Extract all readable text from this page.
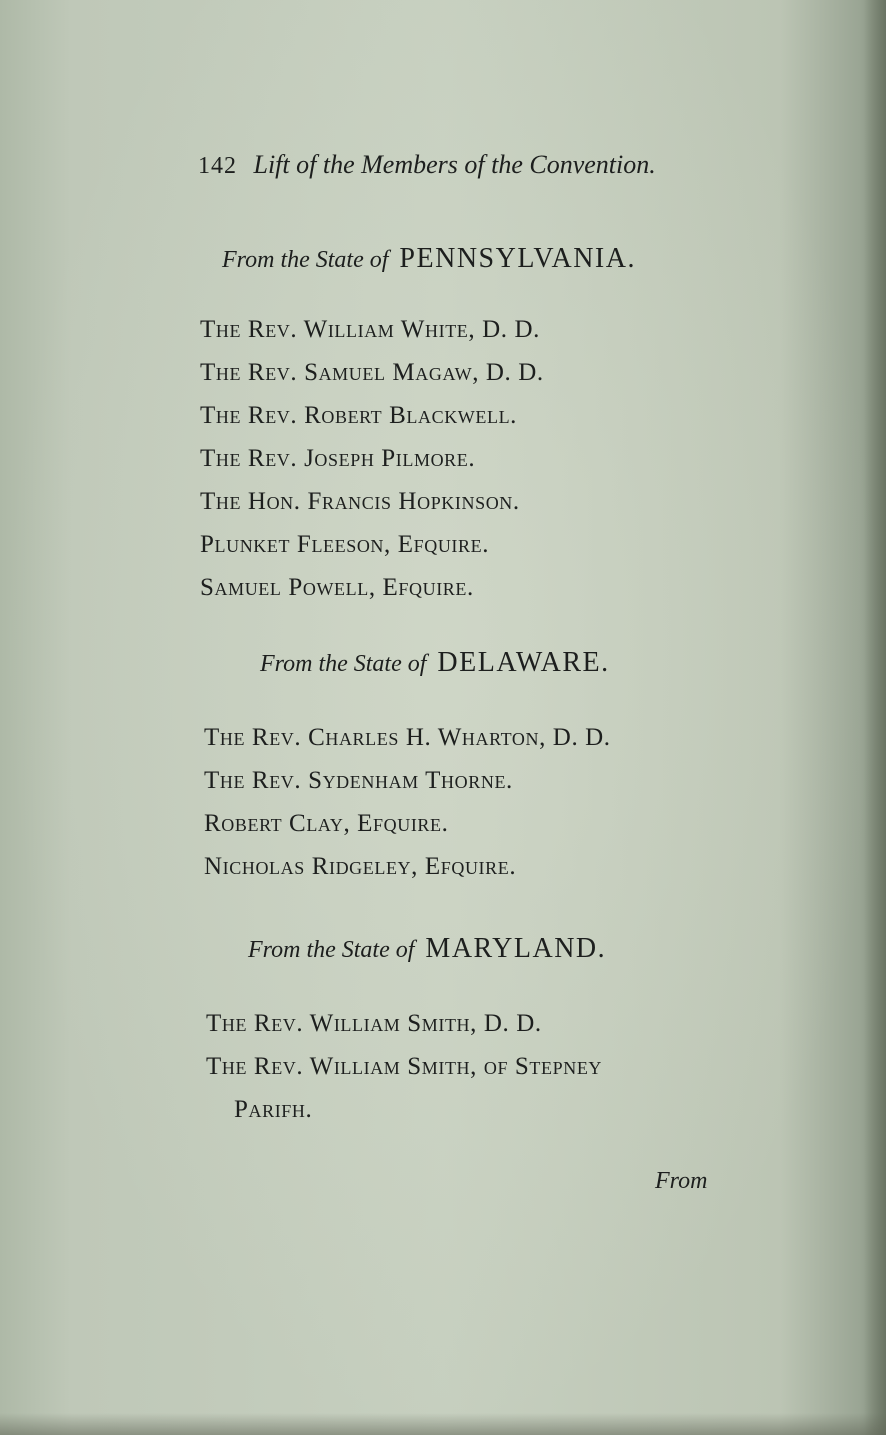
142 Lift of the Members of the Convention.
From the State of PENNSYLVANIA.
The Rev. William White, D. D.
The Rev. Samuel Magaw, D. D.
The Rev. Robert Blackwell.
The Rev. Joseph Pilmore.
The Hon. Francis Hopkinson.
Plunket Fleeson, Efquire.
Samuel Powell, Efquire.
From the State of DELAWARE.
The Rev. Charles H. Wharton, D. D.
The Rev. Sydenham Thorne.
Robert Clay, Efquire.
Nicholas Ridgeley, Efquire.
From the State of MARYLAND.
The Rev. William Smith, D. D.
The Rev. William Smith, of Stepney
Parifh.
From
